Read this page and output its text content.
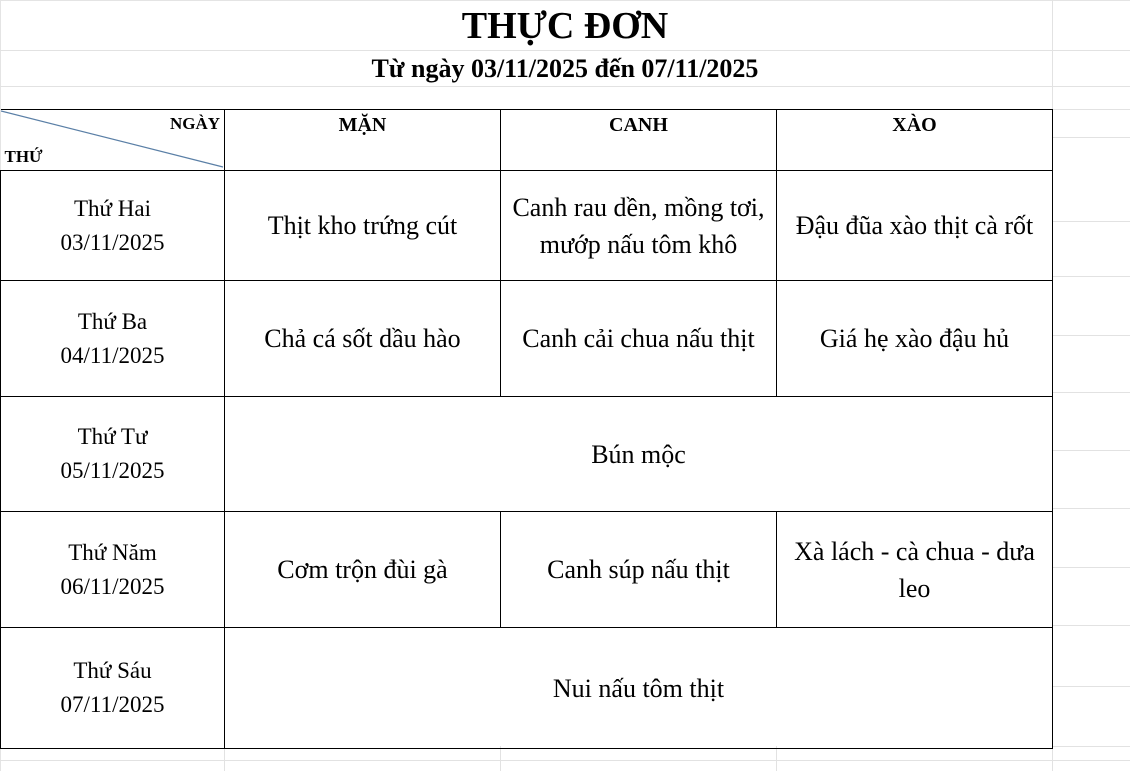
THỰC ĐƠN
Từ ngày 03/11/2025 đến 07/11/2025
NGÀY
THỨ	MẶN	CANH	XÀO

Thứ Hai
03/11/2025	Thịt kho trứng cút	Canh rau dền, mồng tơi, mướp nấu tôm khô	Đậu đũa xào thịt cà rốt

Thứ Ba
04/11/2025	Chả cá sốt dầu hào	Canh cải chua nấu thịt	Giá hẹ xào đậu hủ

Thứ Tư
05/11/2025	Bún mộc		

Thứ Năm
06/11/2025	Cơm trộn đùi gà	Canh súp nấu thịt	Xà lách - cà chua - dưa leo

Thứ Sáu
07/11/2025	Nui nấu tôm thịt		
